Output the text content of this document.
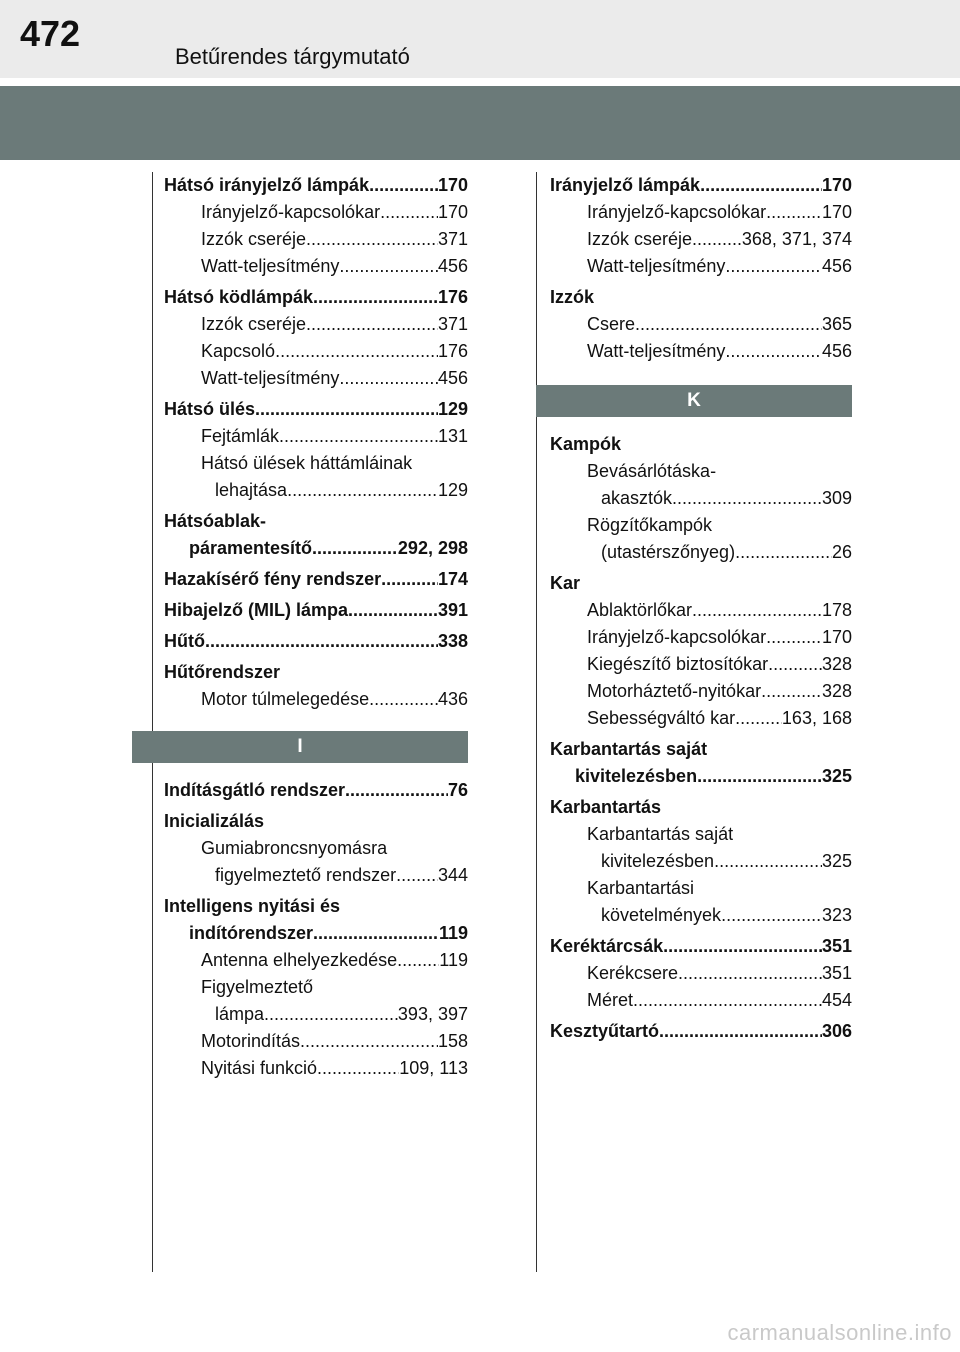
472
Betűrendes tárgymutató
Hátsó irányjelző lámpák .....	170
Irányjelző-kapcsolókar .....	170
Izzók cseréje .....	371
Watt-teljesítmény .....	456
Hátsó ködlámpák .....	176
Izzók cseréje .....	371
Kapcsoló .....	176
Watt-teljesítmény .....	456
Hátsó ülés .....	129
Fejtámlák .....	131
Hátsó ülések háttámláinak
lehajtása .....	129
Hátsóablak-
páramentesítő .....	292, 298
Hazakísérő fény rendszer .....	174
Hibajelző (MIL) lámpa .....	391
Hűtő .....	338
Hűtőrendszer
Motor túlmelegedése .....	436
I
Indításgátló rendszer .....	76
Inicializálás
Gumiabroncsnyomásra
figyelmeztető rendszer ..... 344
Intelligens nyitási és
indítórendszer .....	119
Antenna elhelyezkedése ..... 119
Figyelmeztető
lámpa .....	393, 397
Motorindítás .....	158
Nyitási funkció .....	109, 113
Irányjelző lámpák .....	170
Irányjelző-kapcsolókar .....	170
Izzók cseréje .....	368, 371, 374
Watt-teljesítmény .....	456
Izzók
Csere .....	365
Watt-teljesítmény .....	456
K
Kampók
Bevásárlótáska-
akasztók .....	309
Rögzítőkampók
(utastérszőnyeg) .....	26
Kar
Ablaktörlőkar .....	178
Irányjelző-kapcsolókar .....	170
Kiegészítő biztosítókar .....	328
Motorháztető-nyitókar .....	328
Sebességváltó kar .....	163, 168
Karbantartás saját
kivitelezésben .....	325
Karbantartás
Karbantartás saját
kivitelezésben .....	325
Karbantartási
követelmények .....	323
Keréktárcsák .....	351
Kerékcsere .....	351
Méret .....	454
Kesztyűtartó .....	306
carmanualsonline.info
